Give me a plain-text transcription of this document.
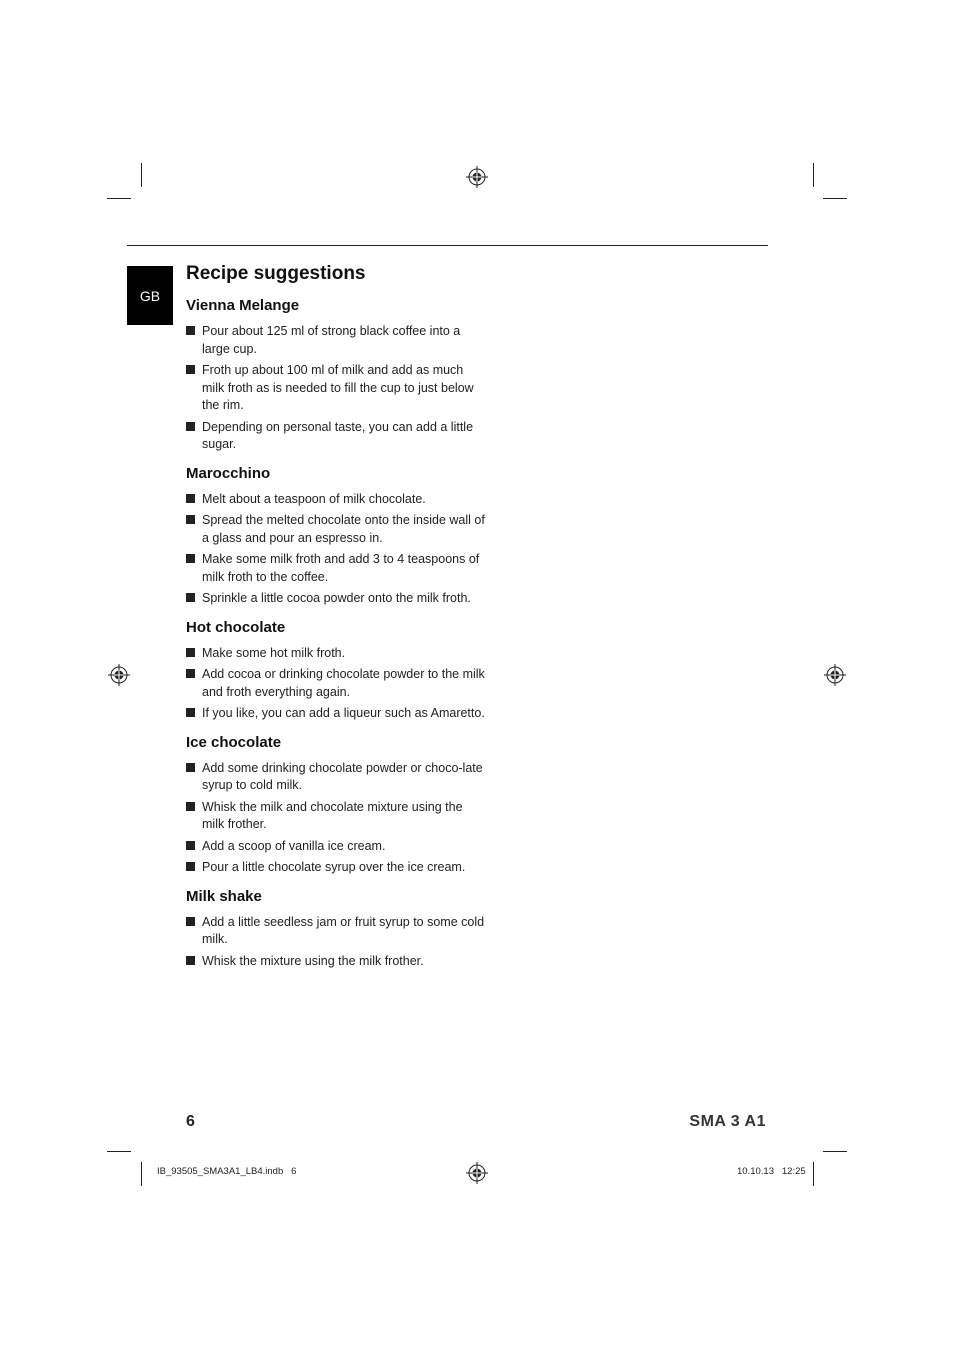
GB
Recipe suggestions
Vienna Melange
Pour about 125 ml of strong black coffee into a large cup.
Froth up about 100 ml of milk and add as much milk froth as is needed to fill the cup to just below the rim.
Depending on personal taste, you can add a little sugar.
Marocchino
Melt about a teaspoon of milk chocolate.
Spread the melted chocolate onto the inside wall of a glass and pour an espresso in.
Make some milk froth and add 3 to 4 teaspoons of milk froth to the coffee.
Sprinkle a little cocoa powder onto the milk froth.
Hot chocolate
Make some hot milk froth.
Add cocoa or drinking chocolate powder to the milk and froth everything again.
If you like, you can add a liqueur such as Amaretto.
Ice chocolate
Add some drinking chocolate powder or choco-late syrup to cold milk.
Whisk the milk and chocolate mixture using the milk frother.
Add a scoop of vanilla ice cream.
Pour a little chocolate syrup over the ice cream.
Milk shake
Add a little seedless jam or fruit syrup to some cold milk.
Whisk the mixture using the milk frother.
6	SMA 3 A1
IB_93505_SMA3A1_LB4.indb   6	10.10.13   12:25
